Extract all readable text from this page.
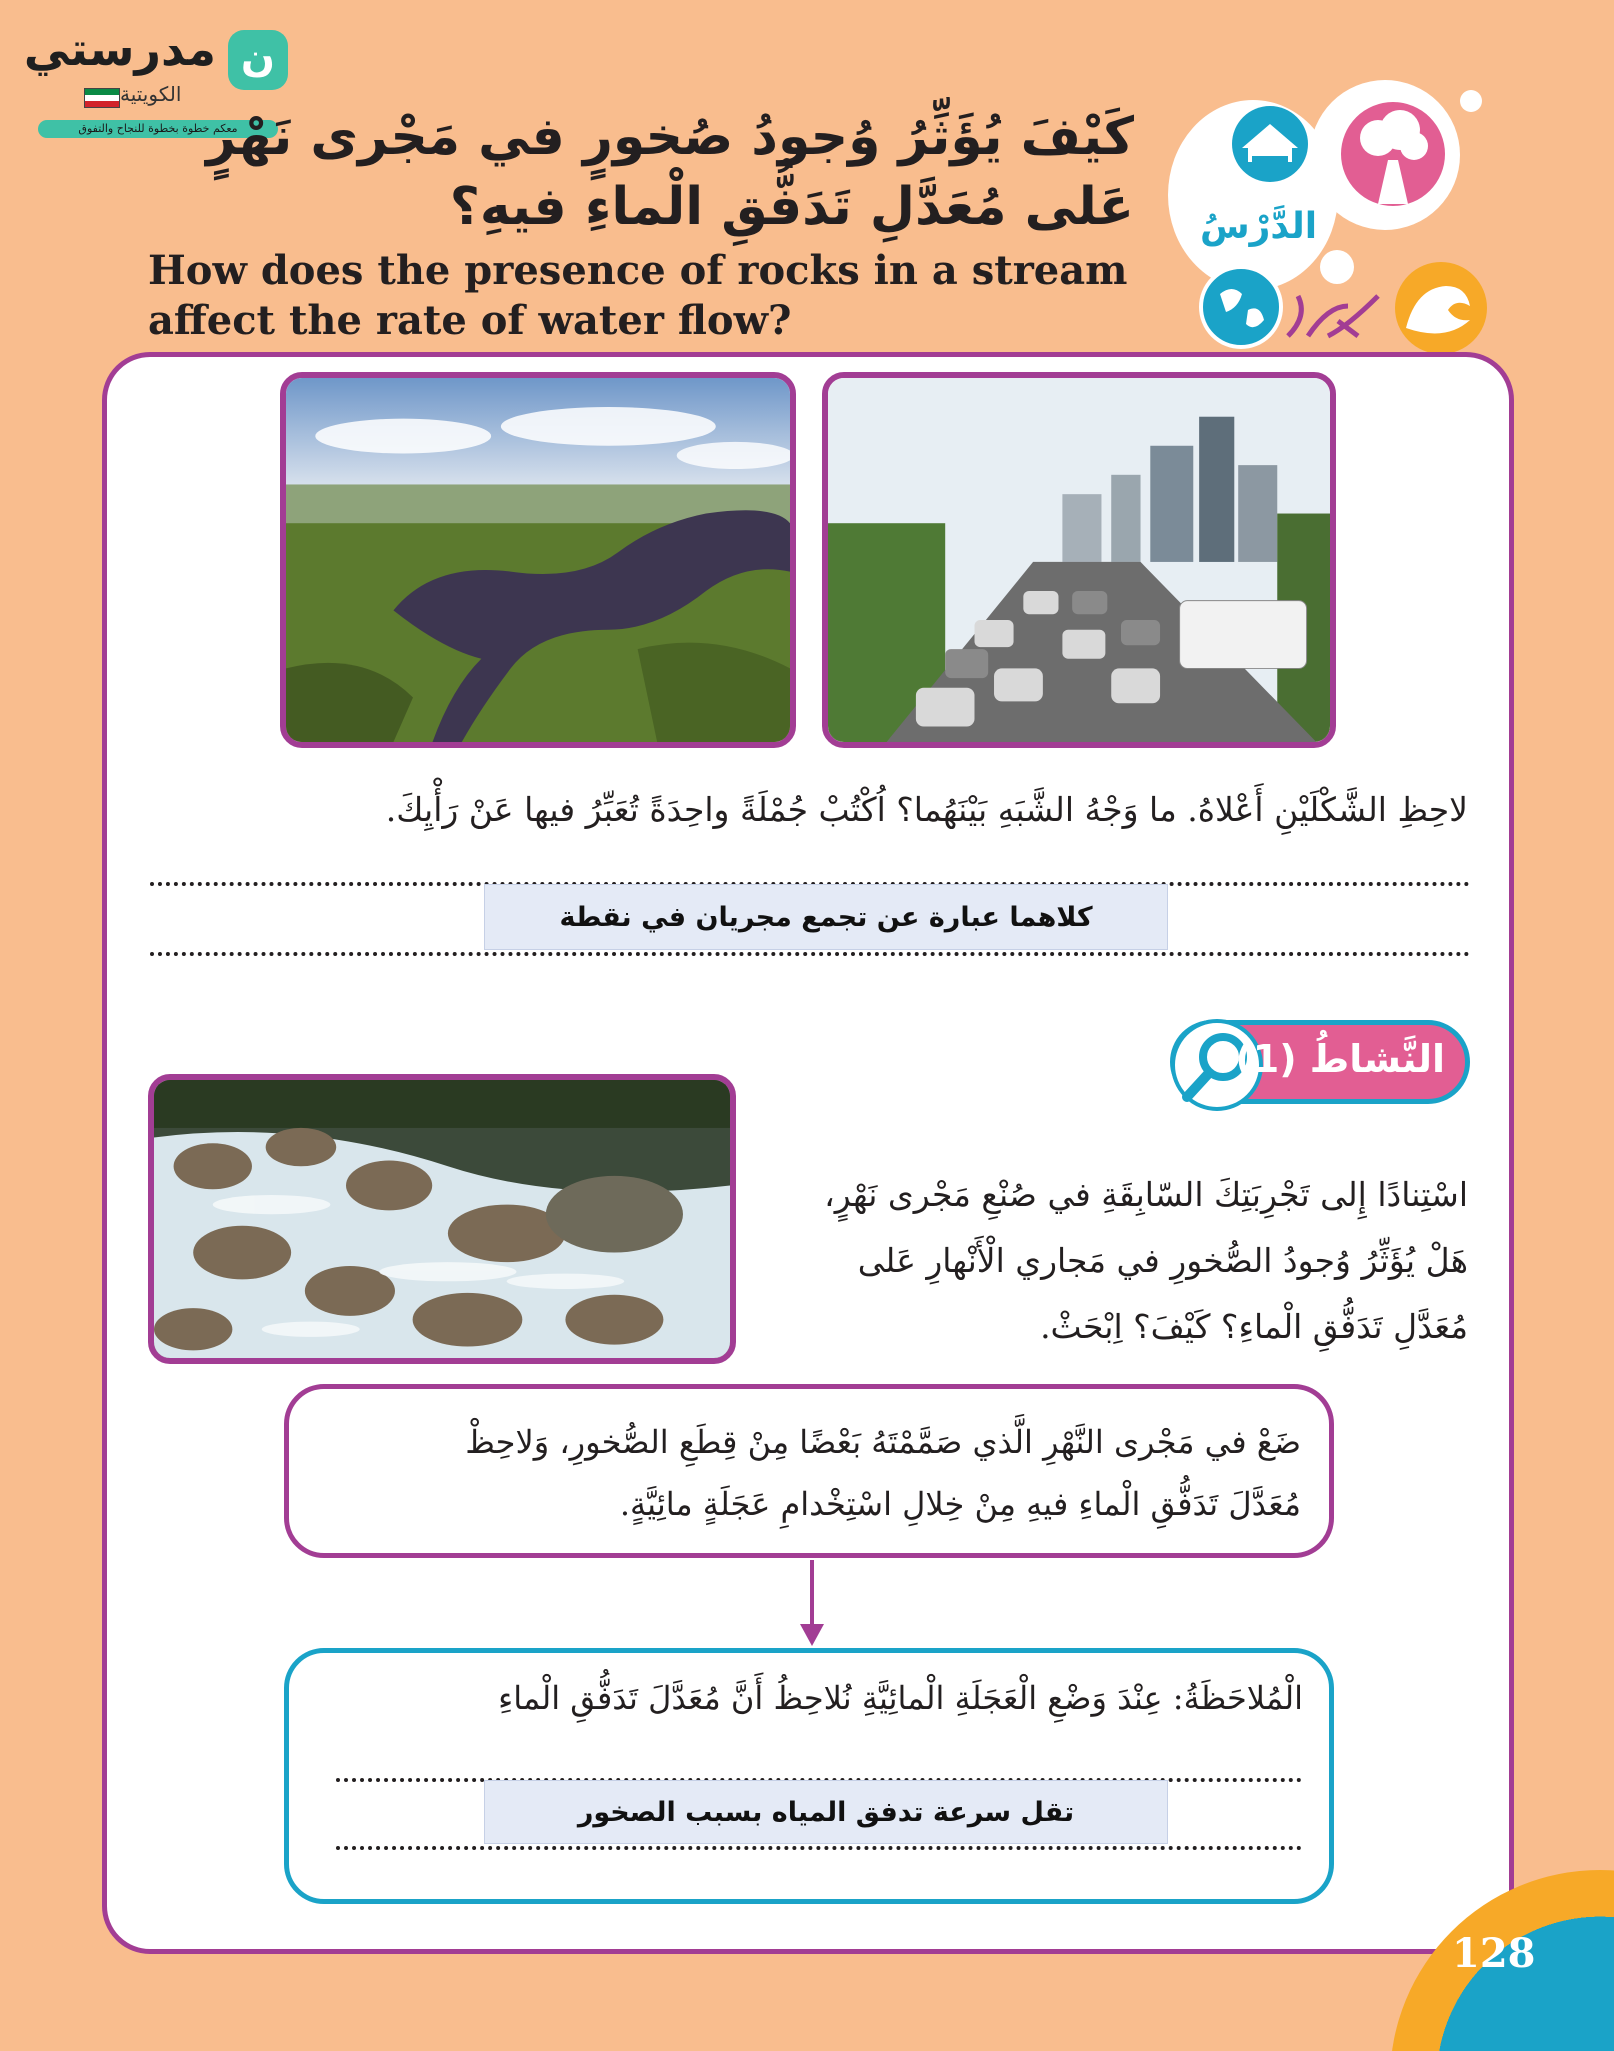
مدرستي ن
الكويتية
معكم خطوة بخطوة للنجاح والتفوق
الدَّرْسُ
كَيْفَ يُؤَثِّرُ وُجودُ صُخورٍ في مَجْرى نَهْرٍ عَلى مُعَدَّلِ تَدَفُّقِ الْماءِ فيهِ؟
How does the presence of rocks in a stream
affect the rate of water flow?
لاحِظِ الشَّكْلَيْنِ أَعْلاهُ. ما وَجْهُ الشَّبَهِ بَيْنَهُما؟ اُكْتُبْ جُمْلَةً واحِدَةً تُعَبِّرُ فيها عَنْ رَأْيِكَ.
كلاهما عبارة عن تجمع مجريان في نقطة
النَّشاطُ (1)
اسْتِنادًا إِلى تَجْرِبَتِكَ السّابِقَةِ في صُنْعِ مَجْرى نَهْرٍ،
هَلْ يُؤَثِّرُ وُجودُ الصُّخورِ في مَجاري الْأَنْهارِ عَلى
مُعَدَّلِ تَدَفُّقِ الْماءِ؟ كَيْفَ؟ اِبْحَثْ.
ضَعْ في مَجْرى النَّهْرِ الَّذي صَمَّمْتَهُ بَعْضًا مِنْ قِطَعِ الصُّخورِ، وَلاحِظْ
مُعَدَّلَ تَدَفُّقِ الْماءِ فيهِ مِنْ خِلالِ اسْتِخْدامِ عَجَلَةٍ مائِيَّةٍ.
الْمُلاحَظَةُ: عِنْدَ وَضْعِ الْعَجَلَةِ الْمائِيَّةِ نُلاحِظُ أَنَّ مُعَدَّلَ تَدَفُّقِ الْماءِ
تقل سرعة تدفق المياه بسبب الصخور
128
